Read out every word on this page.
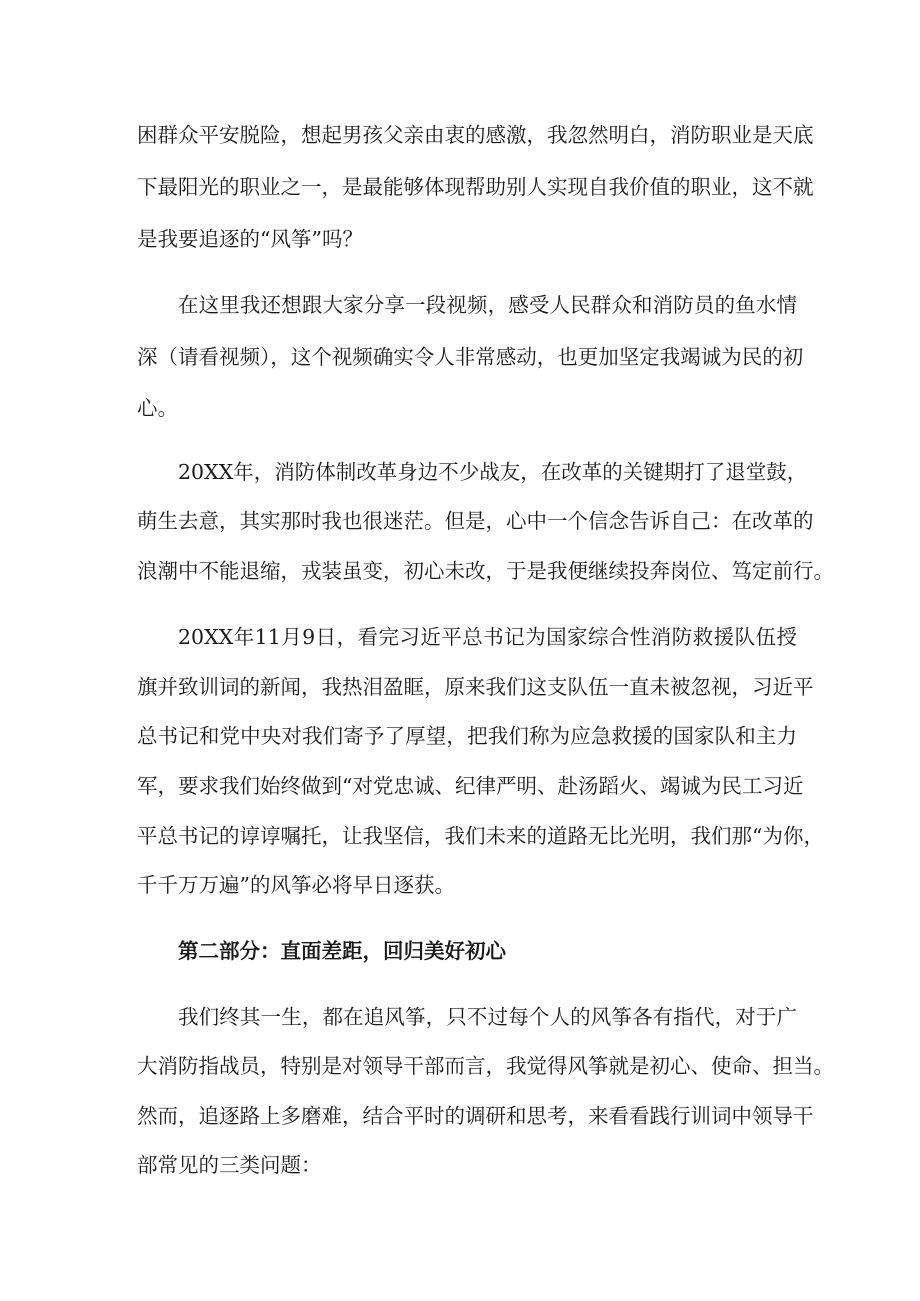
困群众平安脱险，想起男孩父亲由衷的感激，我忽然明白，消防职业是天底
下最阳光的职业之一，是最能够体现帮助别人实现自我价值的职业，这不就
是我要追逐的“风筝”吗？
在这里我还想跟大家分享一段视频，感受人民群众和消防员的鱼水情
深（请看视频），这个视频确实令人非常感动，也更加坚定我竭诚为民的初
心。
20XX年，消防体制改革身边不少战友，在改革的关键期打了退堂鼓，
萌生去意，其实那时我也很迷茫。但是，心中一个信念告诉自己：在改革的
浪潮中不能退缩，戎装虽变，初心未改，于是我便继续投奔岗位、笃定前行。
20XX年11月9日，看完习近平总书记为国家综合性消防救援队伍授
旗并致训词的新闻，我热泪盈眶，原来我们这支队伍一直未被忽视，习近平
总书记和党中央对我们寄予了厚望，把我们称为应急救援的国家队和主力
军，要求我们始终做到“对党忠诚、纪律严明、赴汤蹈火、竭诚为民工习近
平总书记的谆谆嘱托，让我坚信，我们未来的道路无比光明，我们那“为你，
千千万万遍”的风筝必将早日逐获。
第二部分：直面差距，回归美好初心
我们终其一生，都在追风筝，只不过每个人的风筝各有指代，对于广
大消防指战员，特别是对领导干部而言，我觉得风筝就是初心、使命、担当。
然而，追逐路上多磨难，结合平时的调研和思考，来看看践行训词中领导干
部常见的三类问题：
